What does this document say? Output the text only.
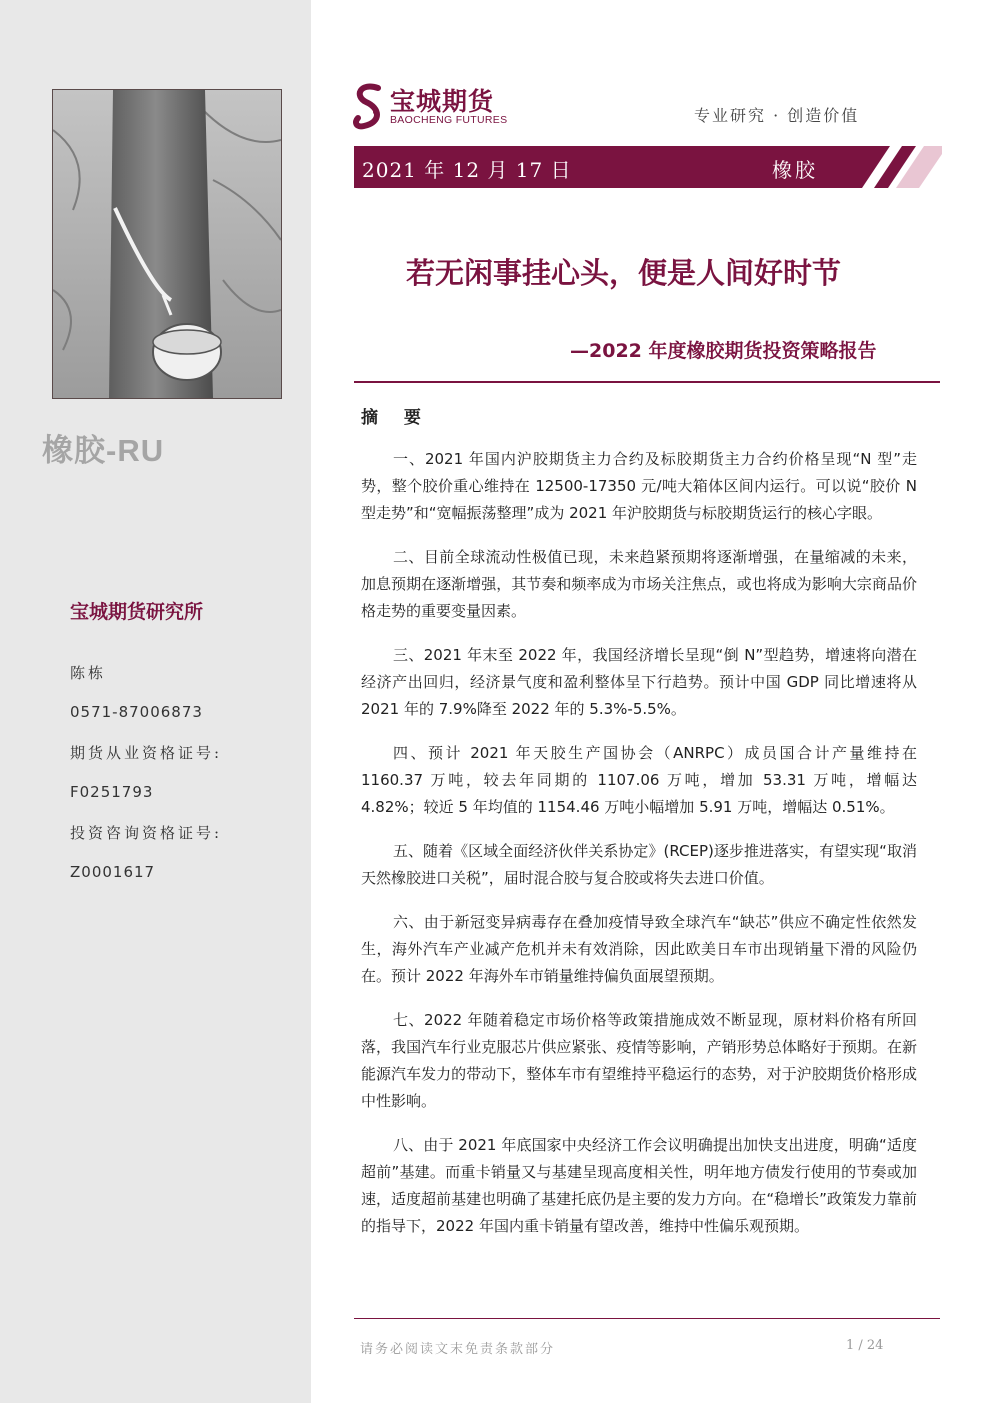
橡胶-RU
宝城期货研究所
陈栋
0571-87006873
期货从业资格证号:
F0251793
投资咨询资格证号:
Z0001617
宝城期货
BAOCHENG FUTURES	专业研究 · 创造价值
2021 年 12 月 17 日	橡胶
若无闲事挂心头，便是人间好时节
—2022 年度橡胶期货投资策略报告
摘 要

一、2021 年国内沪胶期货主力合约及标胶期货主力合约价格呈现“N 型”走势，整个胶价重心维持在 12500-17350 元/吨大箱体区间内运行。可以说“胶价 N 型走势”和“宽幅振荡整理”成为 2021 年沪胶期货与标胶期货运行的核心字眼。

二、目前全球流动性极值已现，未来趋紧预期将逐渐增强，在量缩减的未来，加息预期在逐渐增强，其节奏和频率成为市场关注焦点，或也将成为影响大宗商品价格走势的重要变量因素。

三、2021 年末至 2022 年，我国经济增长呈现“倒 N”型趋势，增速将向潜在经济产出回归，经济景气度和盈利整体呈下行趋势。预计中国 GDP 同比增速将从 2021 年的 7.9%降至 2022 年的 5.3%-5.5%。

四、预计 2021 年天胶生产国协会（ANRPC）成员国合计产量维持在 1160.37 万吨，较去年同期的 1107.06 万吨，增加 53.31 万吨，增幅达 4.82%；较近 5 年均值的 1154.46 万吨小幅增加 5.91 万吨，增幅达 0.51%。

五、随着《区域全面经济伙伴关系协定》(RCEP)逐步推进落实，有望实现“取消天然橡胶进口关税”，届时混合胶与复合胶或将失去进口价值。

六、由于新冠变异病毒存在叠加疫情导致全球汽车“缺芯”供应不确定性依然发生，海外汽车产业减产危机并未有效消除，因此欧美日车市出现销量下滑的风险仍在。预计 2022 年海外车市销量维持偏负面展望预期。

七、2022 年随着稳定市场价格等政策措施成效不断显现，原材料价格有所回落，我国汽车行业克服芯片供应紧张、疫情等影响，产销形势总体略好于预期。在新能源汽车发力的带动下，整体车市有望维持平稳运行的态势，对于沪胶期货价格形成中性影响。

八、由于 2021 年底国家中央经济工作会议明确提出加快支出进度，明确“适度超前”基建。而重卡销量又与基建呈现高度相关性，明年地方债发行使用的节奏或加速，适度超前基建也明确了基建托底仍是主要的发力方向。在“稳增长”政策发力靠前的指导下，2022 年国内重卡销量有望改善，维持中性偏乐观预期。

请务必阅读文末免责条款部分	1 / 24
